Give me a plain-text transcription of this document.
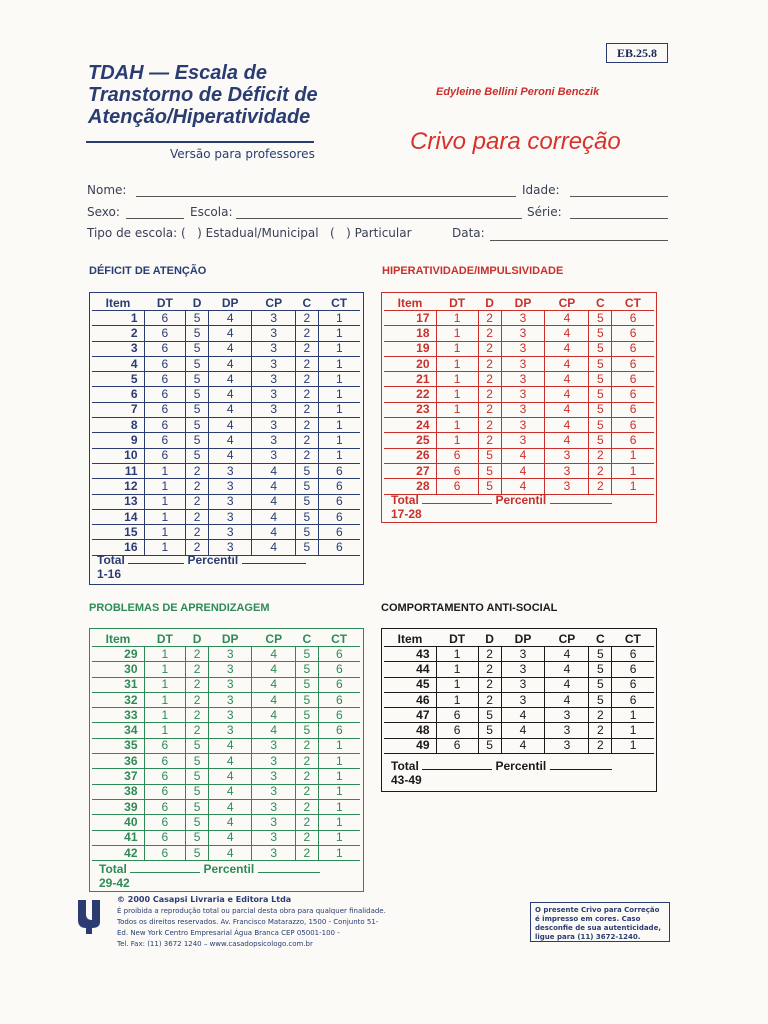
EB.25.8
TDAH — Escala de
Transtorno de Déficit de
Atenção/Hiperatividade
Versão para professores
Edyleine Bellini Peroni Benczik
Crivo para correção
Nome:	Idade:
Sexo:	Escola:	Série:
Tipo de escola: (   ) Estadual/Municipal   (   ) Particular	Data:
DÉFICIT DE ATENÇÃO	HIPERATIVIDADE/IMPULSIVIDADE
PROBLEMAS DE APRENDIZAGEM	COMPORTAMENTO ANTI-SOCIAL
Item	DT	D	DP	CP	C	CT
1	6	5	4	3	2	1
2	6	5	4	3	2	1
3	6	5	4	3	2	1
4	6	5	4	3	2	1
5	6	5	4	3	2	1
6	6	5	4	3	2	1
7	6	5	4	3	2	1
8	6	5	4	3	2	1
9	6	5	4	3	2	1
10	6	5	4	3	2	1
11	1	2	3	4	5	6
12	1	2	3	4	5	6
13	1	2	3	4	5	6
14	1	2	3	4	5	6
15	1	2	3	4	5	6
16	1	2	3	4	5	6
Item	DT	D	DP	CP	C	CT
17	1	2	3	4	5	6
18	1	2	3	4	5	6
19	1	2	3	4	5	6
20	1	2	3	4	5	6
21	1	2	3	4	5	6
22	1	2	3	4	5	6
23	1	2	3	4	5	6
24	1	2	3	4	5	6
25	1	2	3	4	5	6
26	6	5	4	3	2	1
27	6	5	4	3	2	1
28	6	5	4	3	2	1
Item	DT	D	DP	CP	C	CT
29	1	2	3	4	5	6
30	1	2	3	4	5	6
31	1	2	3	4	5	6
32	1	2	3	4	5	6
33	1	2	3	4	5	6
34	1	2	3	4	5	6
35	6	5	4	3	2	1
36	6	5	4	3	2	1
37	6	5	4	3	2	1
38	6	5	4	3	2	1
39	6	5	4	3	2	1
40	6	5	4	3	2	1
41	6	5	4	3	2	1
42	6	5	4	3	2	1
Item	DT	D	DP	CP	C	CT
43	1	2	3	4	5	6
44	1	2	3	4	5	6
45	1	2	3	4	5	6
46	1	2	3	4	5	6
47	6	5	4	3	2	1
48	6	5	4	3	2	1
49	6	5	4	3	2	1
Total	Percentil
1-16
Total	Percentil
17-28
Total	Percentil
29-42
Total	Percentil
43-49
© 2000 Casapsi Livraria e Editora Ltda
É proibida a reprodução total ou parcial desta obra para qualquer finalidade.
Todos os direitos reservados. Av. Francisco Matarazzo, 1500 - Conjunto 51-
Ed. New York Centro Empresarial Água Branca CEP 05001-100 -
Tel. Fax: (11) 3672 1240 – www.casadopsicologo.com.br
O presente Crivo para Correção é impresso em cores. Caso desconfie de sua autenticidade, ligue para (11) 3672-1240.
